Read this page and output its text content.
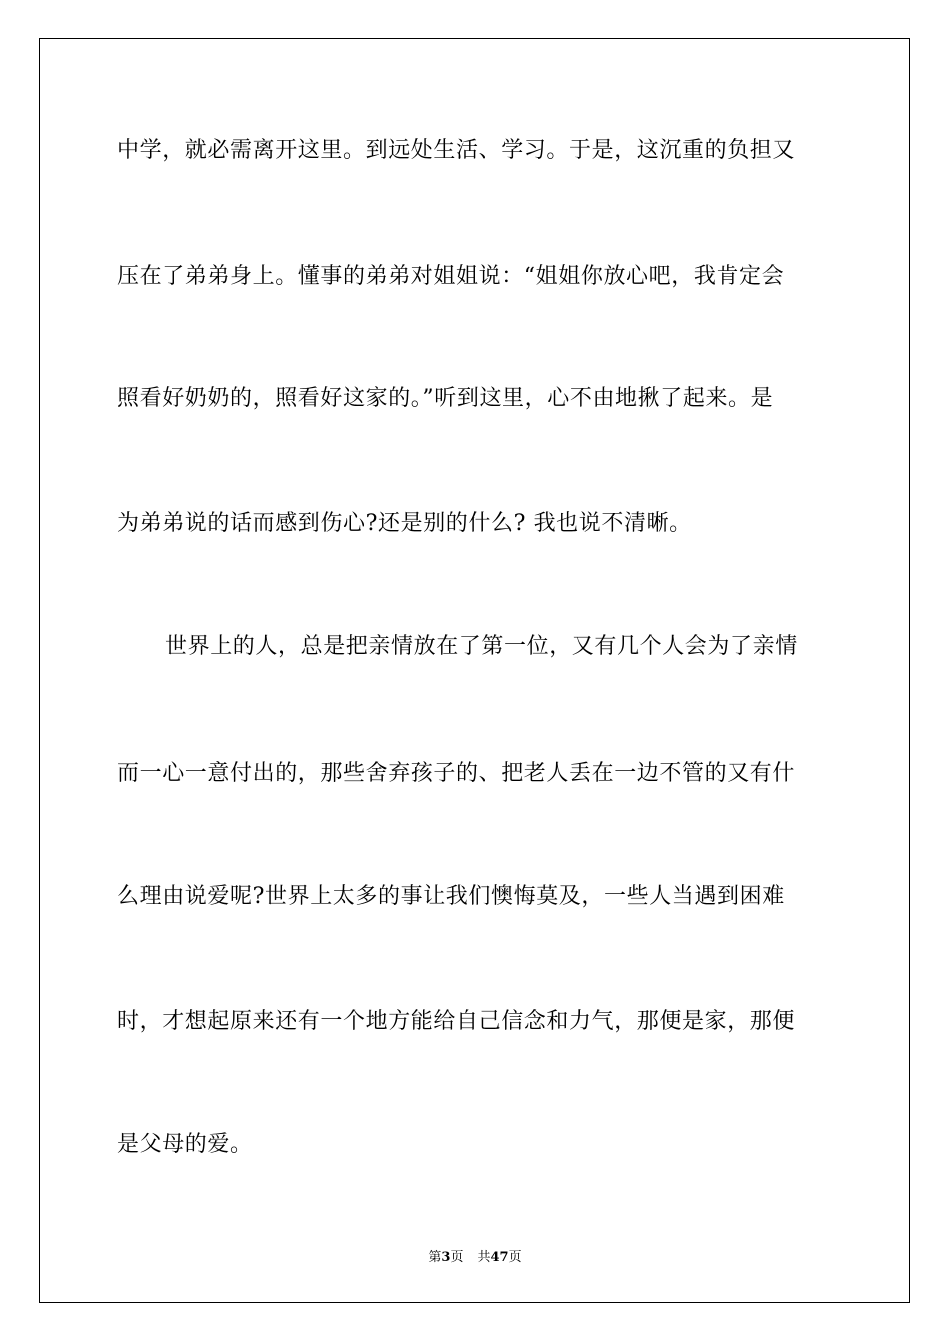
中学，就必需离开这里。到远处生活、学习。于是，这沉重的负担又
压在了弟弟身上。懂事的弟弟对姐姐说：“姐姐你放心吧，我肯定会
照看好奶奶的，照看好这家的。”听到这里，心不由地揪了起来。是
为弟弟说的话而感到伤心?还是别的什么? 我也说不清晰。
世界上的人，总是把亲情放在了第一位，又有几个人会为了亲情
而一心一意付出的，那些舍弃孩子的、把老人丢在一边不管的又有什
么理由说爱呢?世界上太多的事让我们懊悔莫及，一些人当遇到困难
时，才想起原来还有一个地方能给自己信念和力气，那便是家，那便
是父母的爱。
第3页 共47页
